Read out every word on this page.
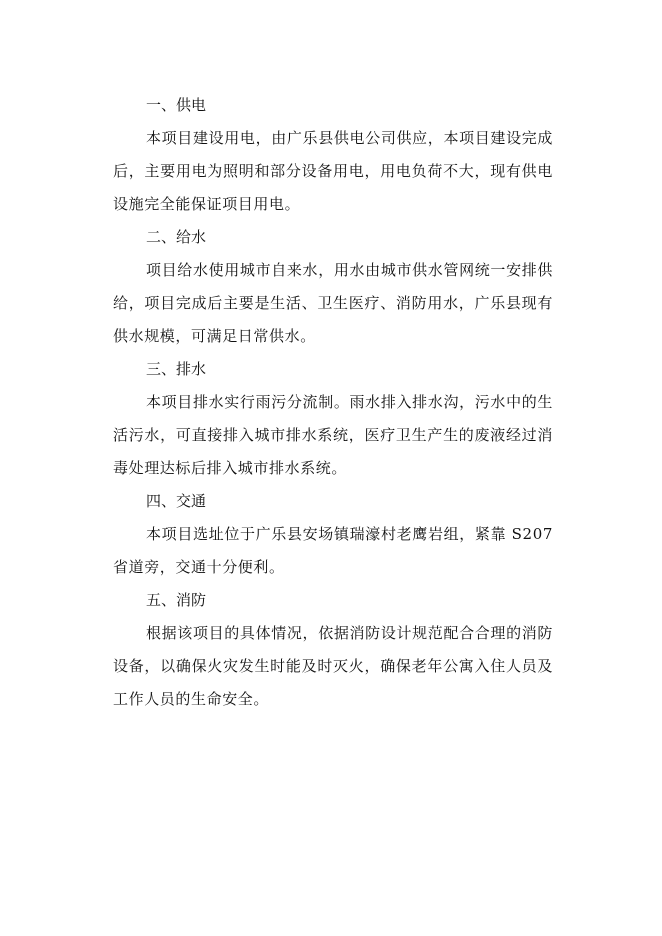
一、供电

本项目建设用电，由广乐县供电公司供应，本项目建设完成后，主要用电为照明和部分设备用电，用电负荷不大，现有供电设施完全能保证项目用电。

二、给水

项目给水使用城市自来水，用水由城市供水管网统一安排供给，项目完成后主要是生活、卫生医疗、消防用水，广乐县现有供水规模，可满足日常供水。

三、排水

本项目排水实行雨污分流制。雨水排入排水沟，污水中的生活污水，可直接排入城市排水系统，医疗卫生产生的废液经过消毒处理达标后排入城市排水系统。

四、交通

本项目选址位于广乐县安场镇瑞濠村老鹰岩组，紧靠 S207 省道旁，交通十分便利。

五、消防

根据该项目的具体情况，依据消防设计规范配合合理的消防设备，以确保火灾发生时能及时灭火，确保老年公寓入住人员及工作人员的生命安全。
